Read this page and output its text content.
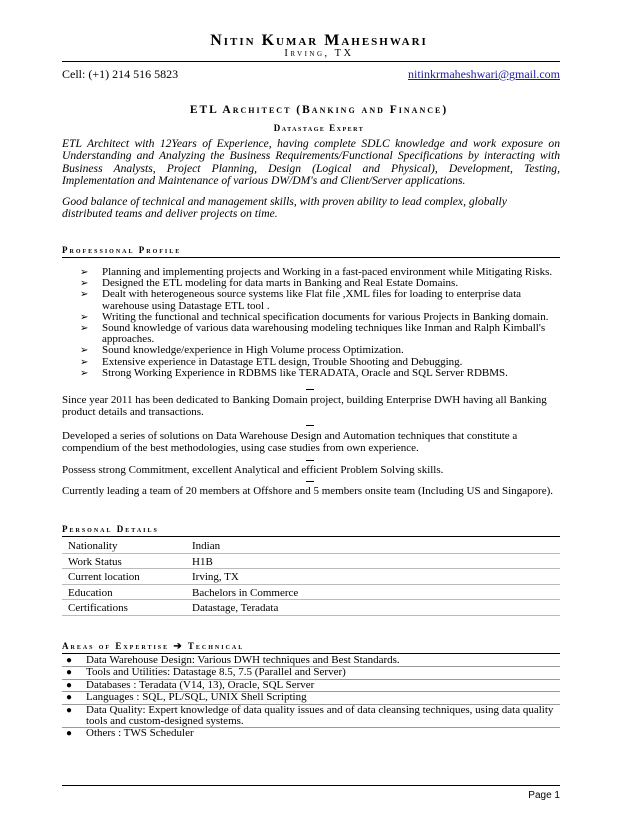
Nitin Kumar Maheshwari
Irving, TX
Cell: (+1) 214 516 5823	nitinkrmaheshwari@gmail.com
ETL Architect (Banking and Finance)
Datastage Expert
ETL Architect with 12Years of Experience, having complete SDLC knowledge and work exposure on Understanding and Analyzing the Business Requirements/Functional Specifications by interacting with Business Analysts, Project Planning, Design (Logical and Physical), Development, Testing, Implementation and Maintenance of various DW/DM's and Client/Server applications.
Good balance of technical and management skills, with proven ability to lead complex, globally distributed teams and deliver projects on time.
Professional Profile
➢ Planning and implementing projects and Working in a fast-paced environment while Mitigating Risks.
➢ Designed the ETL modeling for data marts in Banking and Real Estate Domains.
➢ Dealt with heterogeneous source systems like Flat file ,XML files for loading to enterprise data warehouse using Datastage ETL tool .
➢ Writing the functional and technical specification documents for various Projects in Banking domain.
➢ Sound knowledge of various data warehousing modeling techniques like Inman and Ralph Kimball's approaches.
➢ Sound knowledge/experience in High Volume process Optimization.
➢ Extensive experience in Datastage ETL design, Trouble Shooting and Debugging.
➢ Strong Working Experience in RDBMS like TERADATA, Oracle and SQL Server RDBMS.
Since year 2011 has been dedicated to Banking Domain project, building Enterprise DWH having all Banking product details and transactions.
Developed a series of solutions on Data Warehouse Design and Automation techniques that constitute a compendium of the best methodologies, using case studies from own experience.
Possess strong Commitment, excellent Analytical and efficient Problem Solving skills.
Currently leading a team of 20 members at Offshore and 5 members onsite team (Including US and Singapore).
Personal Details
Nationality	Indian
Work Status	H1B
Current location	Irving, TX
Education	Bachelors in Commerce
Certifications	Datastage, Teradata
Areas of Expertise ➔ Technical
● Data Warehouse Design: Various DWH techniques and Best Standards.
● Tools and Utilities: Datastage 8.5, 7.5 (Parallel and Server)
● Databases : Teradata (V14, 13), Oracle, SQL Server
● Languages : SQL, PL/SQL, UNIX Shell Scripting
● Data Quality: Expert knowledge of data quality issues and of data cleansing techniques, using data quality tools and custom-designed systems.
● Others : TWS Scheduler
Page 1
